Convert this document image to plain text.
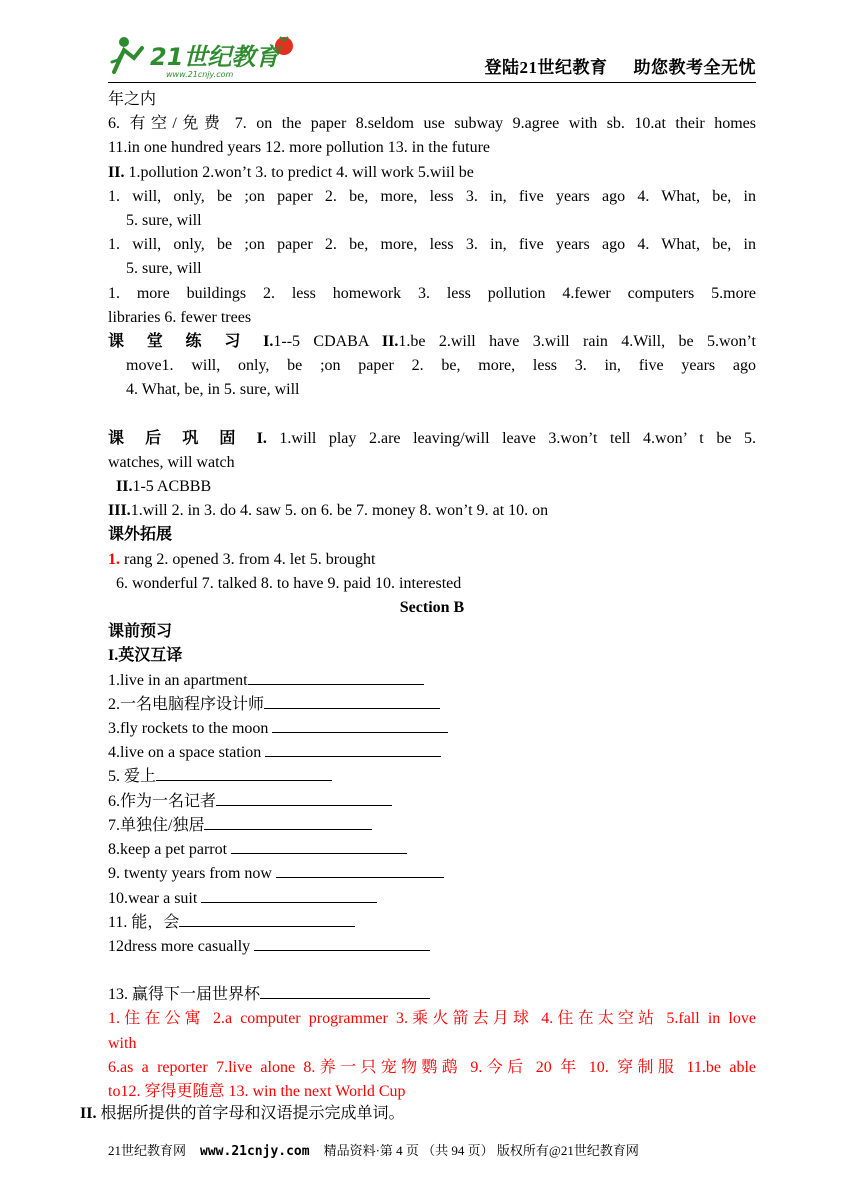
21世纪教育
www.21cnjy.com	登陆21世纪教育 助您教考全无忧
年之内
6. 有空/免费 7. on the paper 8.seldom use subway 9.agree with sb. 10.at their homes
11.in one hundred years 12. more pollution 13. in the future
II. 1.pollution 2.won’t 3. to predict 4. will work 5.wiil be
1. will, only, be ;on paper 2. be, more, less 3. in, five years ago 4. What, be, in
5. sure, will
1. will, only, be ;on paper 2. be, more, less 3. in, five years ago 4. What, be, in
5. sure, will
1. more buildings 2. less homework 3. less pollution 4.fewer computers 5.more
libraries 6. fewer trees
课 堂 练 习 I.1--5 CDABA II.1.be 2.will have 3.will rain 4.Will, be 5.won’t
move1. will, only, be ;on paper 2. be, more, less 3. in, five years ago
4. What, be, in 5. sure, will
课 后 巩 固 I. 1.will play 2.are leaving/will leave 3.won’t tell 4.won’ t be 5.
watches, will watch
II.1-5 ACBBB
III.1.will 2. in 3. do 4. saw 5. on 6. be 7. money 8. won’t 9. at 10. on
课外拓展
1. rang 2. opened 3. from 4. let 5. brought
6. wonderful 7. talked 8. to have 9. paid 10. interested
Section B
课前预习
I.英汉互译
1.live in an apartment
2.一名电脑程序设计师
3.fly rockets to the moon
4.live on a space station
5. 爱上
6.作为一名记者
7.单独住/独居
8.keep a pet parrot
9. twenty years from now
10.wear a suit
11. 能，会
12dress more casually
13. 赢得下一届世界杯
1.住在公寓 2.a computer programmer 3.乘火箭去月球 4.住在太空站 5.fall in love
with
6.as a reporter 7.live alone 8.养一只宠物鹦鹉 9.今后 20 年 10. 穿制服 11.be able
to12. 穿得更随意 13. win the next World Cup
II. 根据所提供的首字母和汉语提示完成单词。
21世纪教育网 www.21cnjy.com 精品资料·第 4 页 （共 94 页） 版权所有@21世纪教育网
